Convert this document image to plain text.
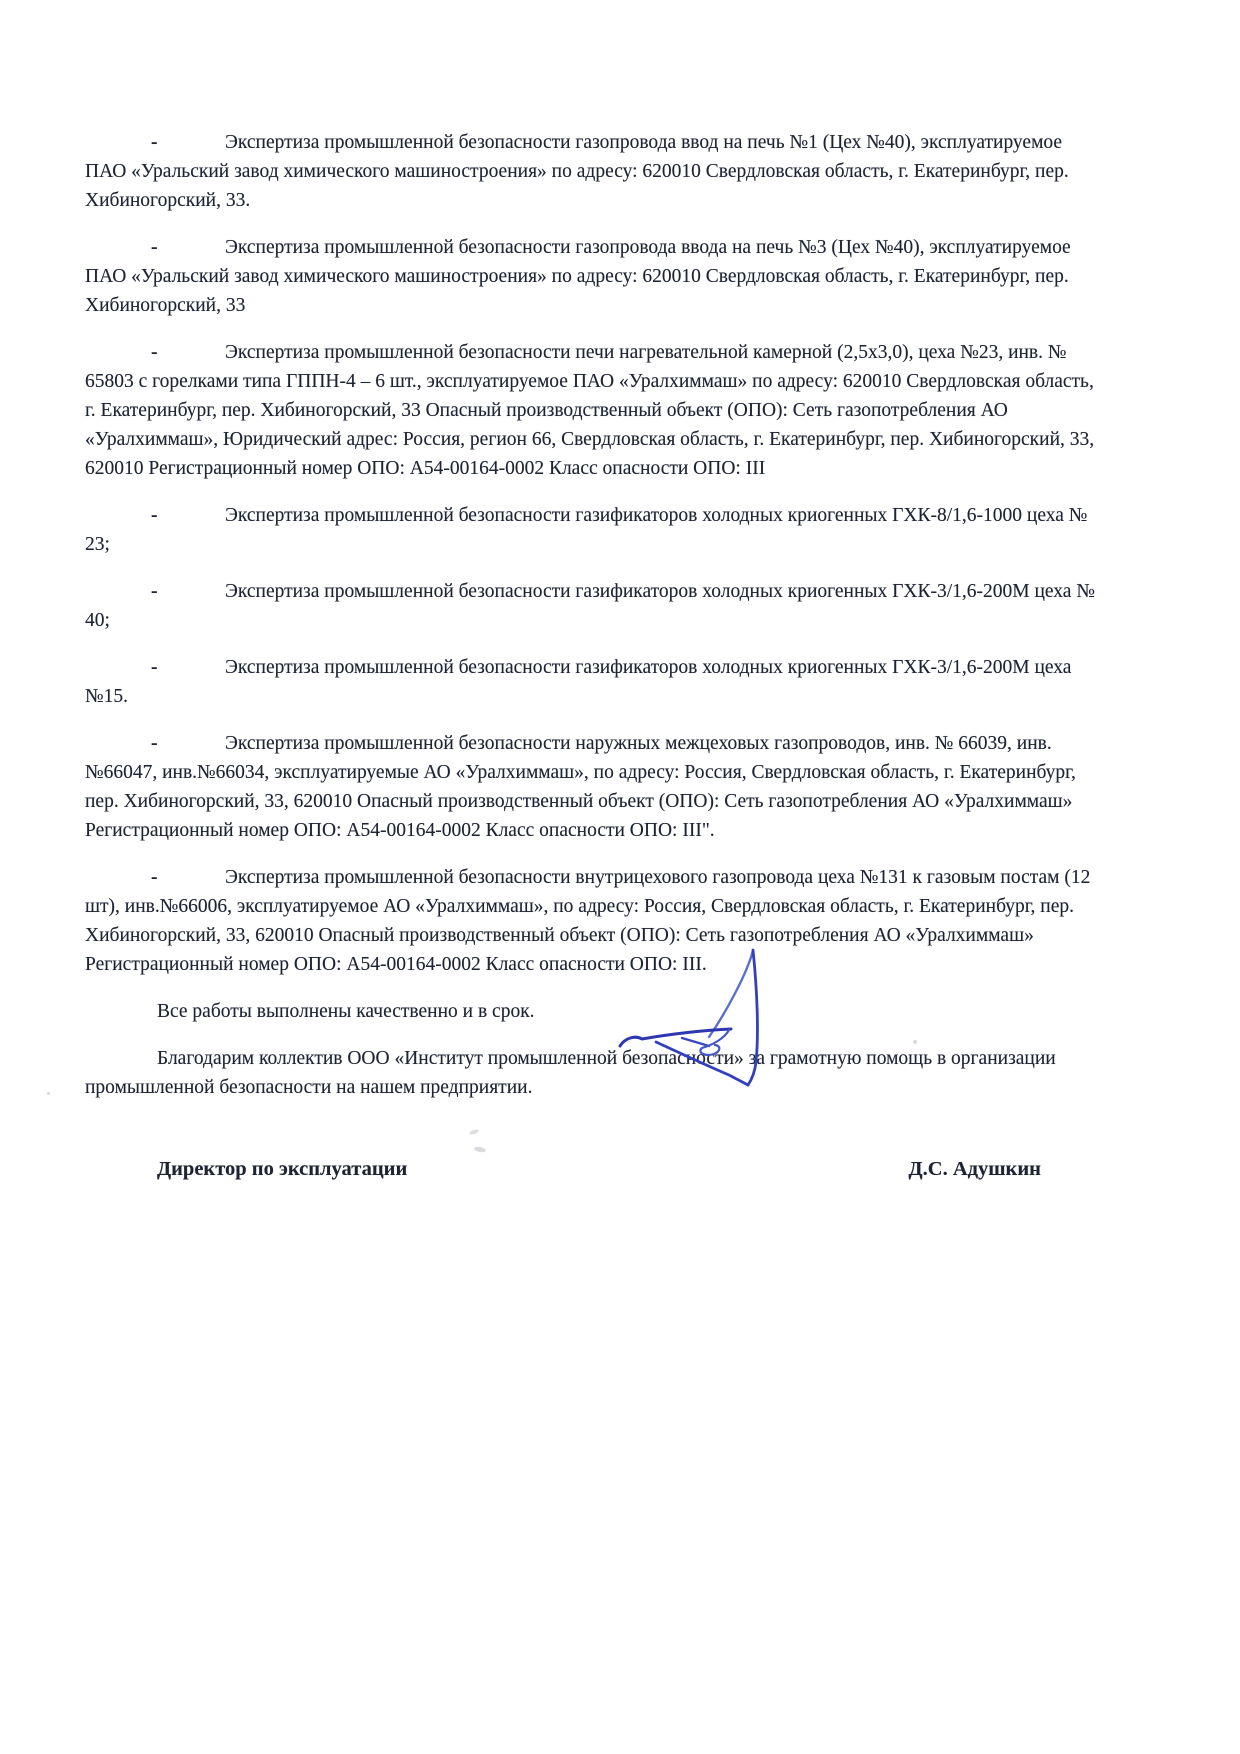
-	Экспертиза промышленной безопасности газопровода ввод на печь №1 (Цех №40), эксплуатируемое ПАО «Уральский завод химического машиностроения» по адресу: 620010 Свердловская область, г. Екатеринбург, пер. Хибиногорский, 33.

-	Экспертиза промышленной безопасности газопровода ввода на печь №3 (Цех №40), эксплуатируемое ПАО «Уральский завод химического машиностроения» по адресу: 620010 Свердловская область, г. Екатеринбург, пер. Хибиногорский, 33

-	Экспертиза промышленной безопасности печи нагревательной камерной (2,5х3,0), цеха №23, инв. № 65803 с горелками типа ГППН-4 – 6 шт., эксплуатируемое ПАО «Уралхиммаш» по адресу: 620010 Свердловская область, г. Екатеринбург, пер. Хибиногорский, 33 Опасный производственный объект (ОПО): Сеть газопотребления АО «Уралхиммаш», Юридический адрес: Россия, регион 66, Свердловская область, г. Екатеринбург, пер. Хибиногорский, 33, 620010 Регистрационный номер ОПО: А54-00164-0002 Класс опасности ОПО: III

-	Экспертиза промышленной безопасности газификаторов холодных криогенных ГХК-8/1,6-1000 цеха № 23;

-	Экспертиза промышленной безопасности газификаторов холодных криогенных ГХК-3/1,6-200М цеха № 40;

-	Экспертиза промышленной безопасности газификаторов холодных криогенных ГХК-3/1,6-200М цеха №15.

-	Экспертиза промышленной безопасности наружных межцеховых газопроводов, инв. № 66039, инв. №66047, инв.№66034, эксплуатируемые АО «Уралхиммаш», по адресу: Россия, Свердловская область, г. Екатеринбург, пер. Хибиногорский, 33, 620010 Опасный производственный объект (ОПО): Сеть газопотребления АО «Уралхиммаш» Регистрационный номер ОПО: А54-00164-0002 Класс опасности ОПО: III".

-	Экспертиза промышленной безопасности внутрицехового газопровода цеха №131 к газовым постам (12 шт), инв.№66006, эксплуатируемое АО «Уралхиммаш», по адресу: Россия, Свердловская область, г. Екатеринбург, пер. Хибиногорский, 33, 620010 Опасный производственный объект (ОПО): Сеть газопотребления АО «Уралхиммаш» Регистрационный номер ОПО: А54-00164-0002 Класс опасности ОПО: III.

Все работы выполнены качественно и в срок.

Благодарим коллектив ООО «Институт промышленной безопасности» за грамотную помощь в организации промышленной безопасности на нашем предприятии.

Директор по эксплуатации	Д.С. Адушкин
